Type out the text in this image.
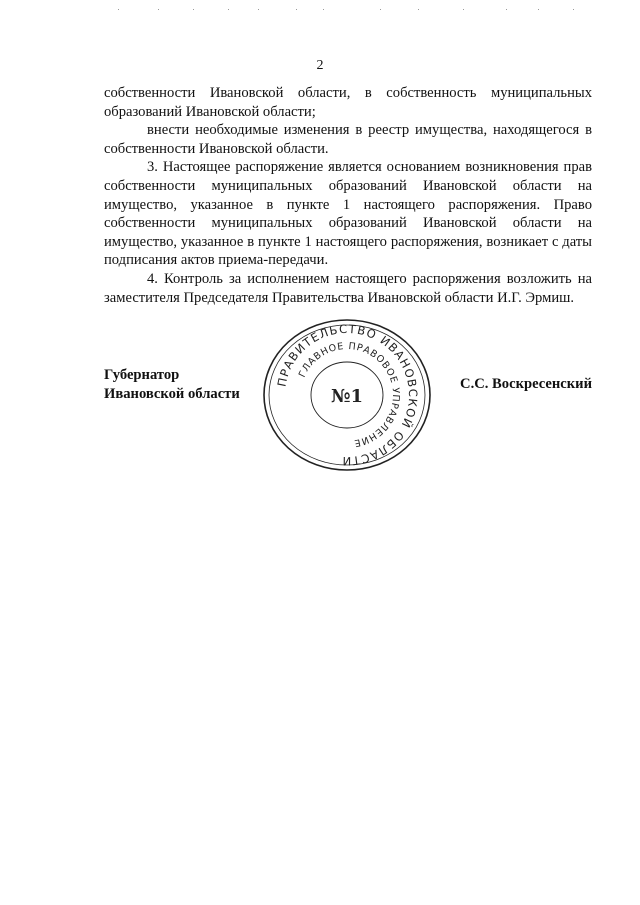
2

собственности Ивановской области, в собственность муниципальных образований Ивановской области;

внести необходимые изменения в реестр имущества, находящегося в собственности Ивановской области.

3. Настоящее распоряжение является основанием возникновения прав собственности муниципальных образований Ивановской области на имущество, указанное в пункте 1 настоящего распоряжения. Право собственности муниципальных образований Ивановской области на имущество, указанное в пункте 1 настоящего распоряжения, возникает с даты подписания актов приема-передачи.

4. Контроль за исполнением настоящего распоряжения возложить на заместителя Председателя Правительства Ивановской области И.Г. Эрмиш.

Губернатор
Ивановской области
С.С. Воскресенский
ПРАВИТЕЛЬСТВО ИВАНОВСКОЙ ОБЛАСТИ
ГЛАВНОЕ ПРАВОВОЕ УПРАВЛЕНИЕ
№1
